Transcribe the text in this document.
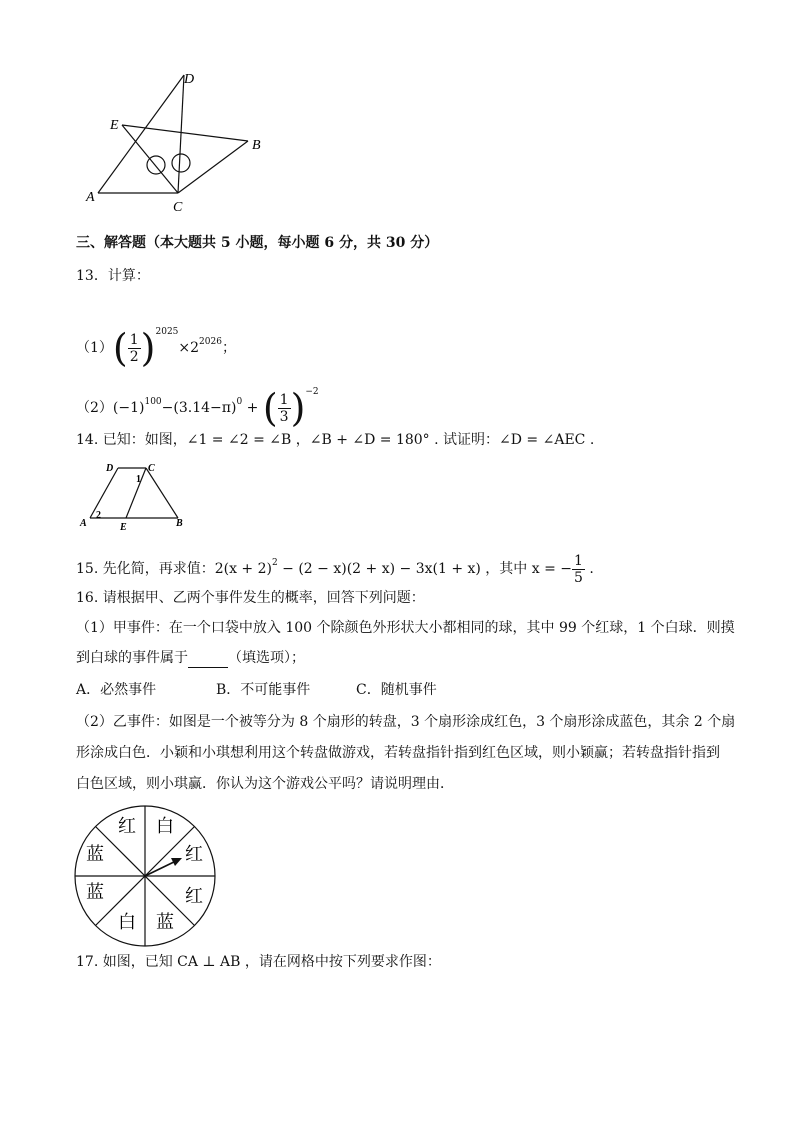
D
E
B
A
C
三、解答题（本大题共 5 小题，每小题 6 分，共 30 分）
13．计算：
$(1)( \frac{1}{2} )^{2025}\times 2^{2026}$；
$(2)(-1)^{100}-(3.14-\pi)^0$ + ( $\frac{1}{3} )^{-2}$
14. 已知：如图，∠1 = ∠2 = ∠B ，∠B + ∠D = 180° . 试证明：∠D = ∠AEC .
D	C
1
A
2
E	B
15. 先化简，再求值：$2(x + 2)^2 - (2 - x)(2 + x) - 3x(1 + x)$ ，其中 x = − $\frac{1}{5}$ .
16. 请根据甲、乙两个事件发生的概率，回答下列问题：
（1）甲事件：在一个口袋中放入 100 个除颜色外形状大小都相同的球，其中 99 个红球，1 个白球．则摸
到白球的事件属于	（填选项）；
A．必然事件	B．不可能事件	C．随机事件
（2）乙事件：如图是一个被等分为 8 个扇形的转盘，3 个扇形涂成红色，3 个扇形涂成蓝色，其余 2 个扇
形涂成白色．小颖和小琪想利用这个转盘做游戏，若转盘指针指到红色区域，则小颖赢；若转盘指针指到
白色区域，则小琪赢．你认为这个游戏公平吗？请说明理由．
红 白
红
红
蓝
白
蓝
蓝
17. 如图，已知 CA ⊥ AB ，请在网格中按下列要求作图：
